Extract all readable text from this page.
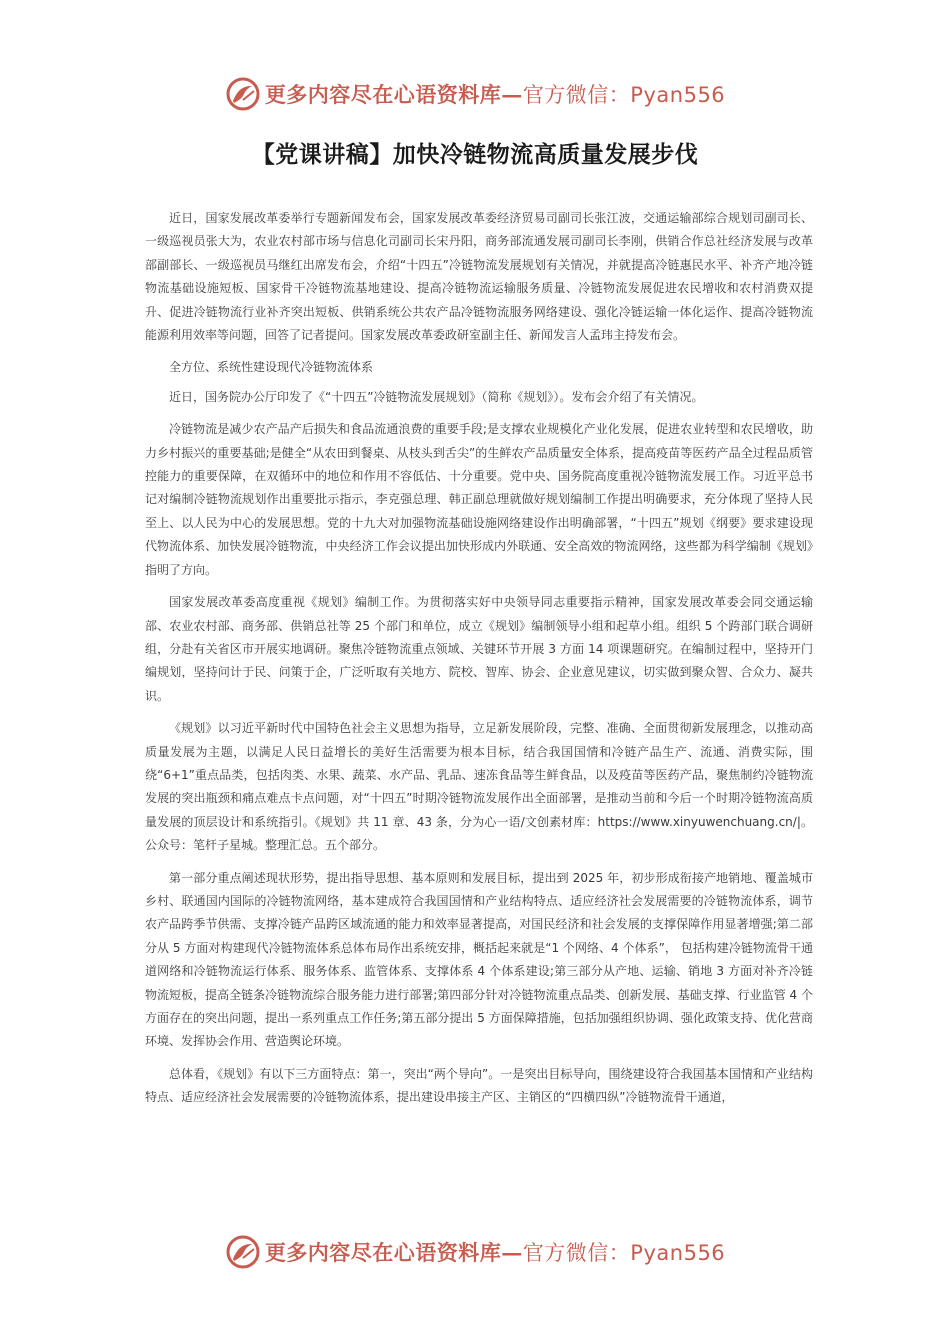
更多内容尽在心语资料库—官方微信：Pyan556
【党课讲稿】加快冷链物流高质量发展步伐

近日，国家发展改革委举行专题新闻发布会，国家发展改革委经济贸易司副司长张江波，交通运输部综合规划司副司长、一级巡视员张大为，农业农村部市场与信息化司副司长宋丹阳，商务部流通发展司副司长李刚，供销合作总社经济发展与改革部副部长、一级巡视员马继红出席发布会，介绍“十四五”冷链物流发展规划有关情况，并就提高冷链惠民水平、补齐产地冷链物流基础设施短板、国家骨干冷链物流基地建设、提高冷链物流运输服务质量、冷链物流发展促进农民增收和农村消费双提升、促进冷链物流行业补齐突出短板、供销系统公共农产品冷链物流服务网络建设、强化冷链运输一体化运作、提高冷链物流能源利用效率等问题，回答了记者提问。国家发展改革委政研室副主任、新闻发言人孟玮主持发布会。

全方位、系统性建设现代冷链物流体系

近日，国务院办公厅印发了《“十四五”冷链物流发展规划》（简称《规划》）。发布会介绍了有关情况。

冷链物流是减少农产品产后损失和食品流通浪费的重要手段;是支撑农业规模化产业化发展，促进农业转型和农民增收，助力乡村振兴的重要基础;是健全“从农田到餐桌、从枝头到舌尖”的生鲜农产品质量安全体系，提高疫苗等医药产品全过程品质管控能力的重要保障，在双循环中的地位和作用不容低估、十分重要。党中央、国务院高度重视冷链物流发展工作。习近平总书记对编制冷链物流规划作出重要批示指示，李克强总理、韩正副总理就做好规划编制工作提出明确要求，充分体现了坚持人民至上、以人民为中心的发展思想。党的十九大对加强物流基础设施网络建设作出明确部署，“十四五”规划《纲要》要求建设现代物流体系、加快发展冷链物流，中央经济工作会议提出加快形成内外联通、安全高效的物流网络，这些都为科学编制《规划》指明了方向。

国家发展改革委高度重视《规划》编制工作。为贯彻落实好中央领导同志重要指示精神，国家发展改革委会同交通运输部、农业农村部、商务部、供销总社等 25 个部门和单位，成立《规划》编制领导小组和起草小组。组织 5 个跨部门联合调研组，分赴有关省区市开展实地调研。聚焦冷链物流重点领域、关键环节开展 3 方面 14 项课题研究。在编制过程中，坚持开门编规划，坚持问计于民、问策于企，广泛听取有关地方、院校、智库、协会、企业意见建议，切实做到聚众智、合众力、凝共识。

《规划》以习近平新时代中国特色社会主义思想为指导，立足新发展阶段，完整、准确、全面贯彻新发展理念，以推动高质量发展为主题，以满足人民日益增长的美好生活需要为根本目标，结合我国国情和冷链产品生产、流通、消费实际，围绕“6+1”重点品类，包括肉类、水果、蔬菜、水产品、乳品、速冻食品等生鲜食品，以及疫苗等医药产品，聚焦制约冷链物流发展的突出瓶颈和痛点难点卡点问题，对“十四五”时期冷链物流发展作出全面部署，是推动当前和今后一个时期冷链物流高质量发展的顶层设计和系统指引。《规划》共 11 章、43 条，分为心一语/文创素材库：https://www.xinyuwenchuang.cn/|。公众号：笔杆子星城。整理汇总。五个部分。

第一部分重点阐述现状形势，提出指导思想、基本原则和发展目标，提出到 2025 年，初步形成衔接产地销地、覆盖城市乡村、联通国内国际的冷链物流网络，基本建成符合我国国情和产业结构特点、适应经济社会发展需要的冷链物流体系，调节农产品跨季节供需、支撑冷链产品跨区域流通的能力和效率显著提高，对国民经济和社会发展的支撑保障作用显著增强;第二部分从 5 方面对构建现代冷链物流体系总体布局作出系统安排，概括起来就是“1 个网络、4 个体系”， 包括构建冷链物流骨干通道网络和冷链物流运行体系、服务体系、监管体系、支撑体系 4 个体系建设;第三部分从产地、运输、销地 3 方面对补齐冷链物流短板，提高全链条冷链物流综合服务能力进行部署;第四部分针对冷链物流重点品类、创新发展、基础支撑、行业监管 4 个方面存在的突出问题，提出一系列重点工作任务;第五部分提出 5 方面保障措施，包括加强组织协调、强化政策支持、优化营商环境、发挥协会作用、营造舆论环境。

总体看，《规划》有以下三方面特点：第一，突出“两个导向”。一是突出目标导向，围绕建设符合我国基本国情和产业结构特点、适应经济社会发展需要的冷链物流体系，提出建设串接主产区、主销区的“四横四纵”冷链物流骨干通道，

更多内容尽在心语资料库—官方微信：Pyan556
